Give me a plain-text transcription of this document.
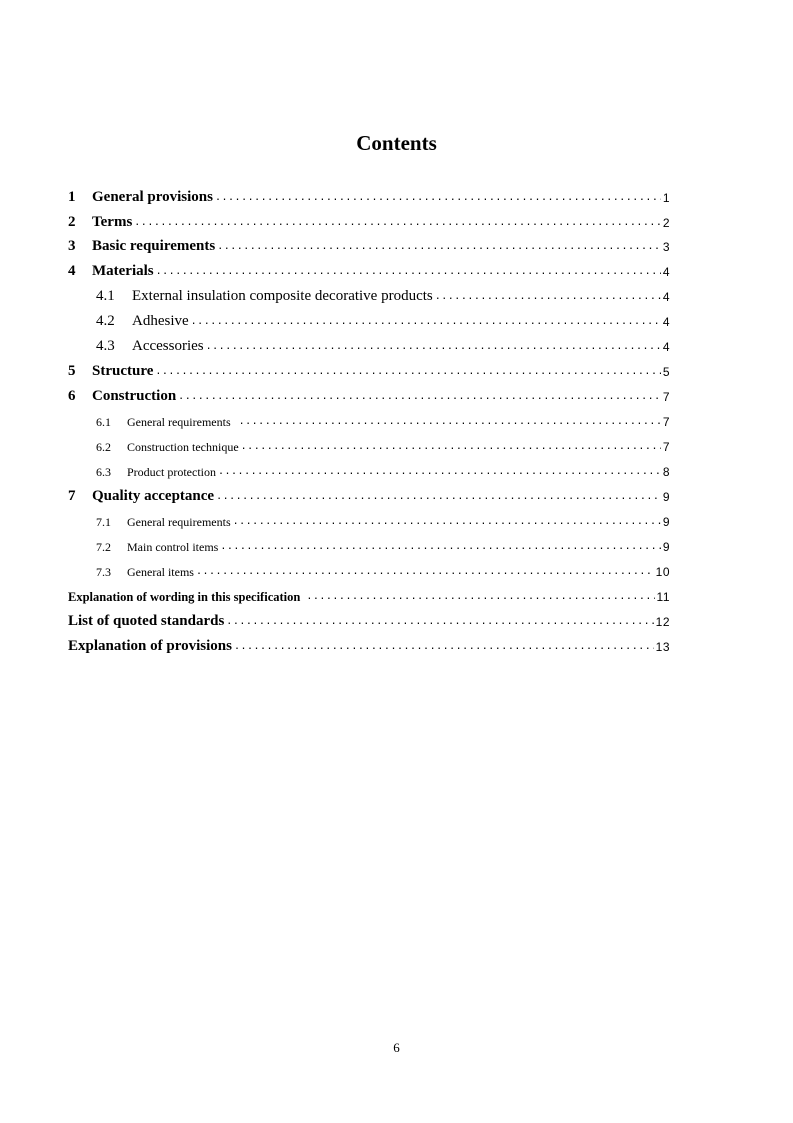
Contents
1	General provisions .....	1
2	Terms .....	2
3	Basic requirements .....	3
4	Materials .....	4
4.1	External insulation composite decorative products .....	4
4.2	Adhesive .....	4
4.3	Accessories .....	4
5	Structure .....	5
6	Construction .....	7
6.1	General requirements .....	7
6.2	Construction technique .....	7
6.3	Product protection .....	8
7	Quality acceptance .....	9
7.1	General requirements .....	9
7.2	Main control items .....	9
7.3	General items .....	10
Explanation of wording in this specification .....	11
List of quoted standards .....	12
Explanation of provisions .....	13
6
